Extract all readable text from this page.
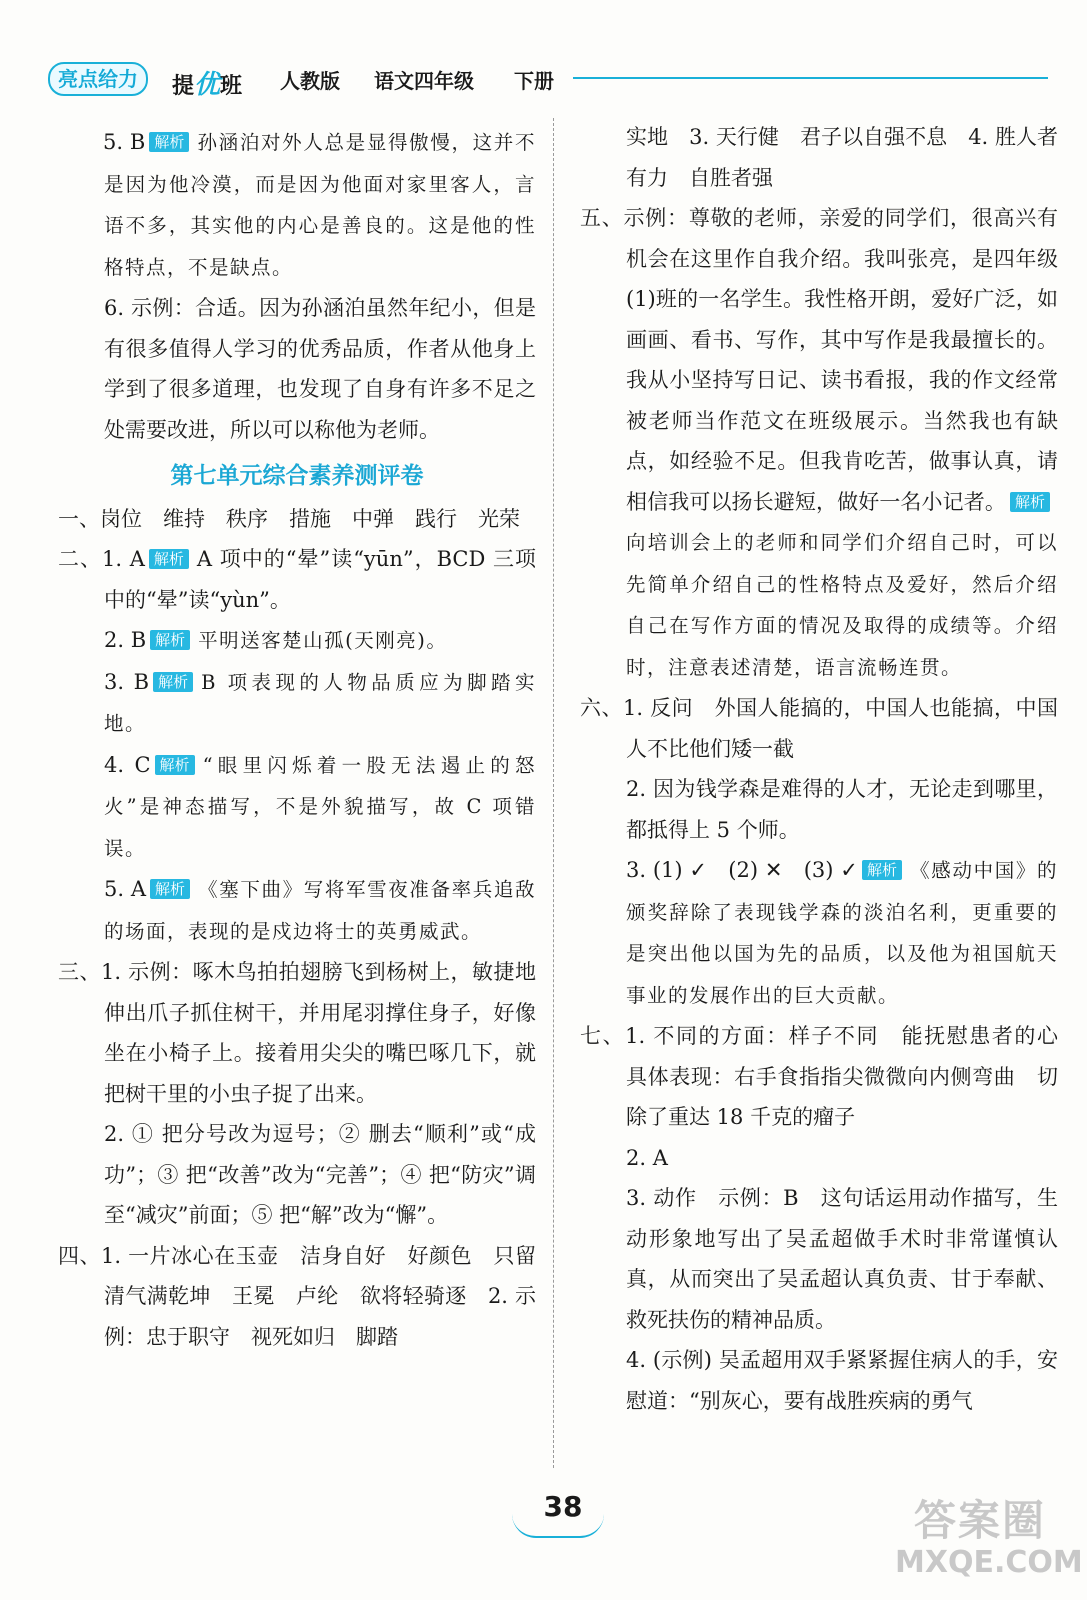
亮点给力	提优班 人教版 语文四年级 下册

5. B 解析 孙涵泊对外人总是显得傲慢，这并不是因为他冷漠，而是因为他面对家里客人，言语不多，其实他的内心是善良的。这是他的性格特点，不是缺点。

6. 示例：合适。因为孙涵泊虽然年纪小，但是有很多值得人学习的优秀品质，作者从他身上学到了很多道理，也发现了自身有许多不足之处需要改进，所以可以称他为老师。

第七单元综合素养测评卷

一、岗位　维持　秩序　措施　中弹　践行　光荣

二、1. A 解析 A 项中的“晕”读“yūn”，BCD 三项中的“晕”读“yùn”。

2. B 解析 平明送客楚山孤(天刚亮)。

3. B 解析 B 项表现的人物品质应为脚踏实地。

4. C 解析 “眼里闪烁着一股无法遏止的怒火”是神态描写，不是外貌描写，故 C 项错误。

5. A 解析 《塞下曲》写将军雪夜准备率兵追敌的场面，表现的是戍边将士的英勇威武。

三、1. 示例：啄木鸟拍拍翅膀飞到杨树上，敏捷地伸出爪子抓住树干，并用尾羽撑住身子，好像坐在小椅子上。接着用尖尖的嘴巴啄几下，就把树干里的小虫子捉了出来。

2. ① 把分号改为逗号；② 删去“顺利”或“成功”；③ 把“改善”改为“完善”；④ 把“防灾”调至“减灾”前面；⑤ 把“解”改为“懈”。

四、1. 一片冰心在玉壶　洁身自好　好颜色　只留清气满乾坤　王冕　卢纶　欲将轻骑逐　2. 示例：忠于职守　视死如归　脚踏

实地　3. 天行健　君子以自强不息　4. 胜人者有力　自胜者强

五、示例：尊敬的老师，亲爱的同学们，很高兴有机会在这里作自我介绍。我叫张亮，是四年级(1)班的一名学生。我性格开朗，爱好广泛，如画画、看书、写作，其中写作是我最擅长的。我从小坚持写日记、读书看报，我的作文经常被老师当作范文在班级展示。当然我也有缺点，如经验不足。但我肯吃苦，做事认真，请相信我可以扬长避短，做好一名小记者。 解析向培训会上的老师和同学们介绍自己时，可以先简单介绍自己的性格特点及爱好，然后介绍自己在写作方面的情况及取得的成绩等。介绍时，注意表述清楚，语言流畅连贯。

六、1. 反问　外国人能搞的，中国人也能搞，中国人不比他们矮一截

2. 因为钱学森是难得的人才，无论走到哪里，都抵得上 5 个师。

3. (1) ✓　(2) ✕　(3) ✓ 解析 《感动中国》的颁奖辞除了表现钱学森的淡泊名利，更重要的是突出他以国为先的品质，以及他为祖国航天事业的发展作出的巨大贡献。

七、1. 不同的方面：样子不同　能抚慰患者的心　具体表现：右手食指指尖微微向内侧弯曲　切除了重达 18 千克的瘤子

2. A

3. 动作　示例：B　这句话运用动作描写，生动形象地写出了吴孟超做手术时非常谨慎认真，从而突出了吴孟超认真负责、甘于奉献、救死扶伤的精神品质。

4. (示例) 吴孟超用双手紧紧握住病人的手，安慰道：“别灰心，要有战胜疾病的勇气

38	答案圈
MXQE.COM
